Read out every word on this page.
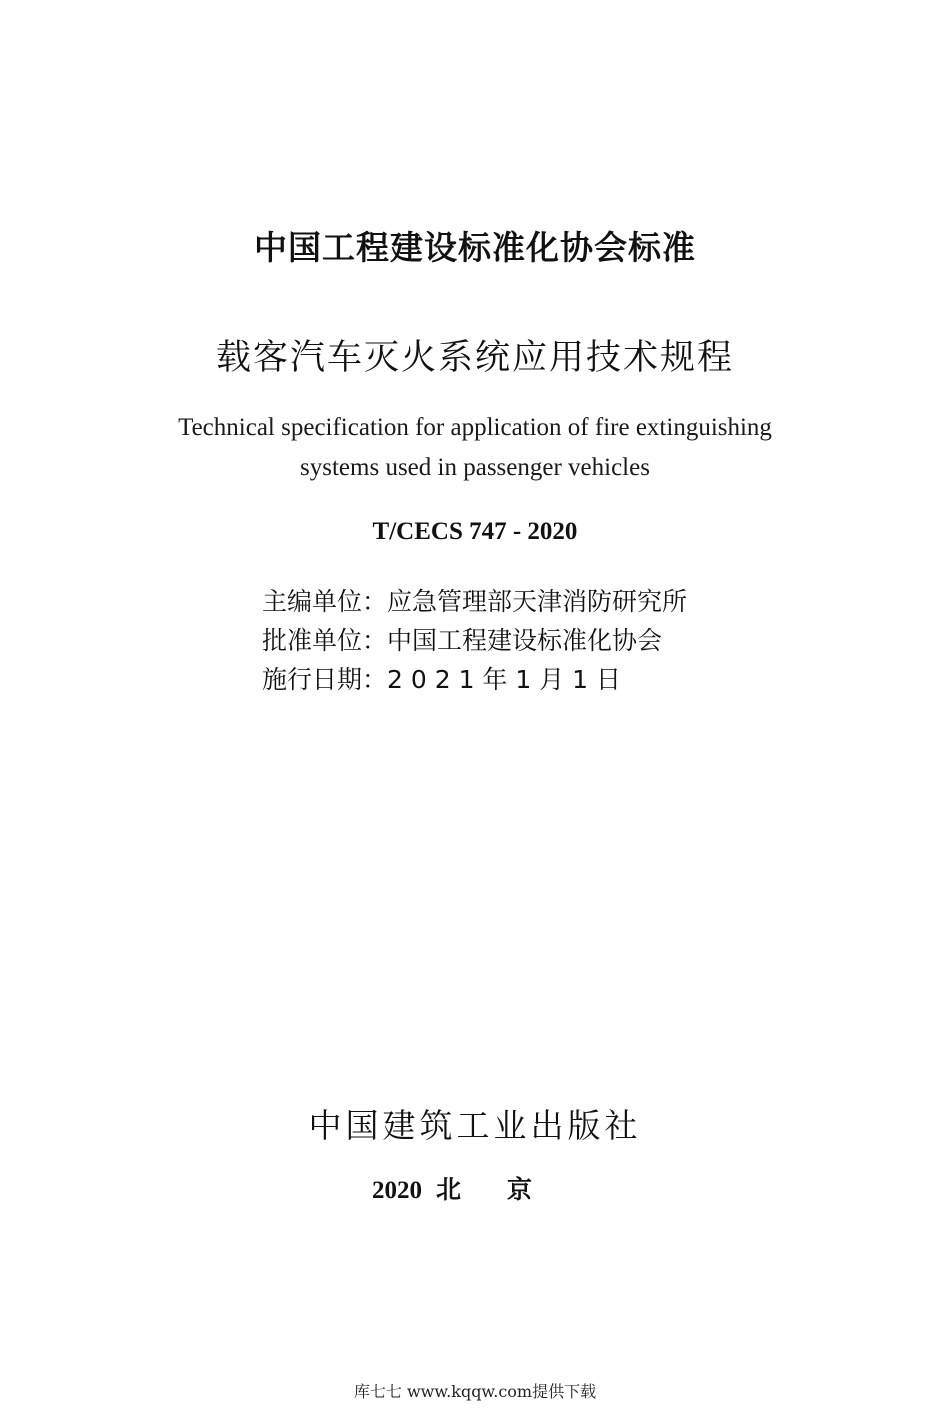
中国工程建设标准化协会标准
载客汽车灭火系统应用技术规程
Technical specification for application of fire extinguishing
systems used in passenger vehicles
T/CECS 747 - 2020
主编单位：应急管理部天津消防研究所
批准单位：中国工程建设标准化协会
施行日期：2 0 2 1 年 1 月 1 日
中国建筑工业出版社
2020 北京
库七七 www.kqqw.com提供下载
